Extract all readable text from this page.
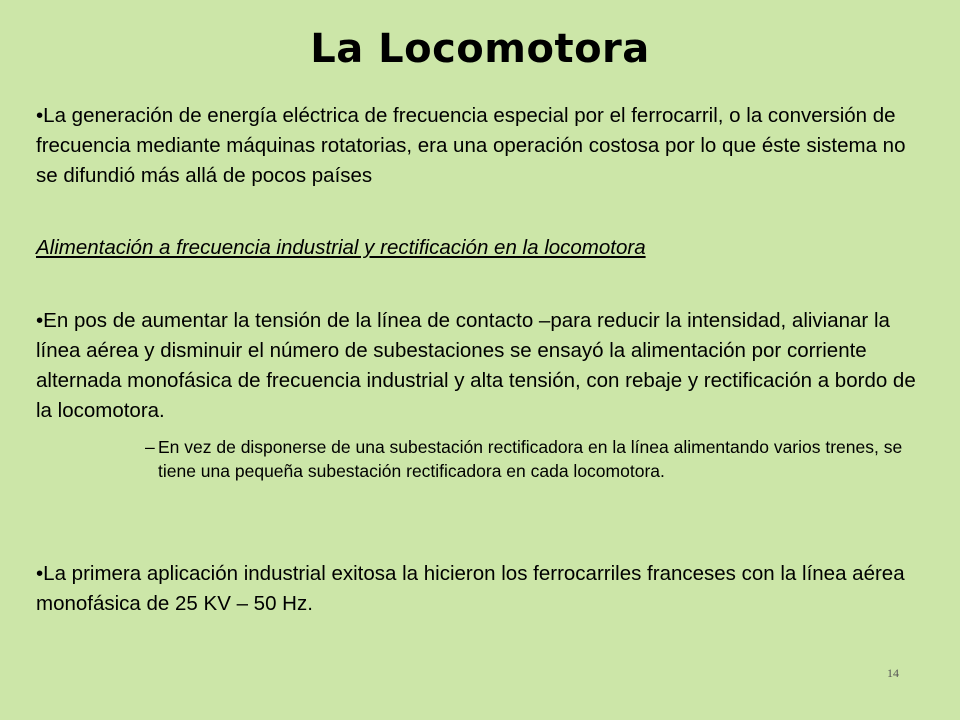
La Locomotora
•La generación de energía eléctrica de frecuencia especial por el ferrocarril, o la conversión de frecuencia mediante máquinas rotatorias, era una operación costosa por lo que éste sistema no se difundió más allá de pocos países
Alimentación a frecuencia industrial y rectificación en la locomotora
•En pos de aumentar la tensión de la línea de contacto –para reducir la intensidad, alivianar la línea aérea y disminuir el número de subestaciones se ensayó la alimentación por corriente alternada monofásica de frecuencia industrial y alta tensión, con rebaje y rectificación a bordo de la locomotora.
– En vez de disponerse de una subestación rectificadora en la línea alimentando varios trenes, se tiene una pequeña subestación rectificadora en cada locomotora.
•La primera aplicación industrial exitosa la hicieron los ferrocarriles franceses con la línea aérea monofásica de 25 KV – 50 Hz.
14
